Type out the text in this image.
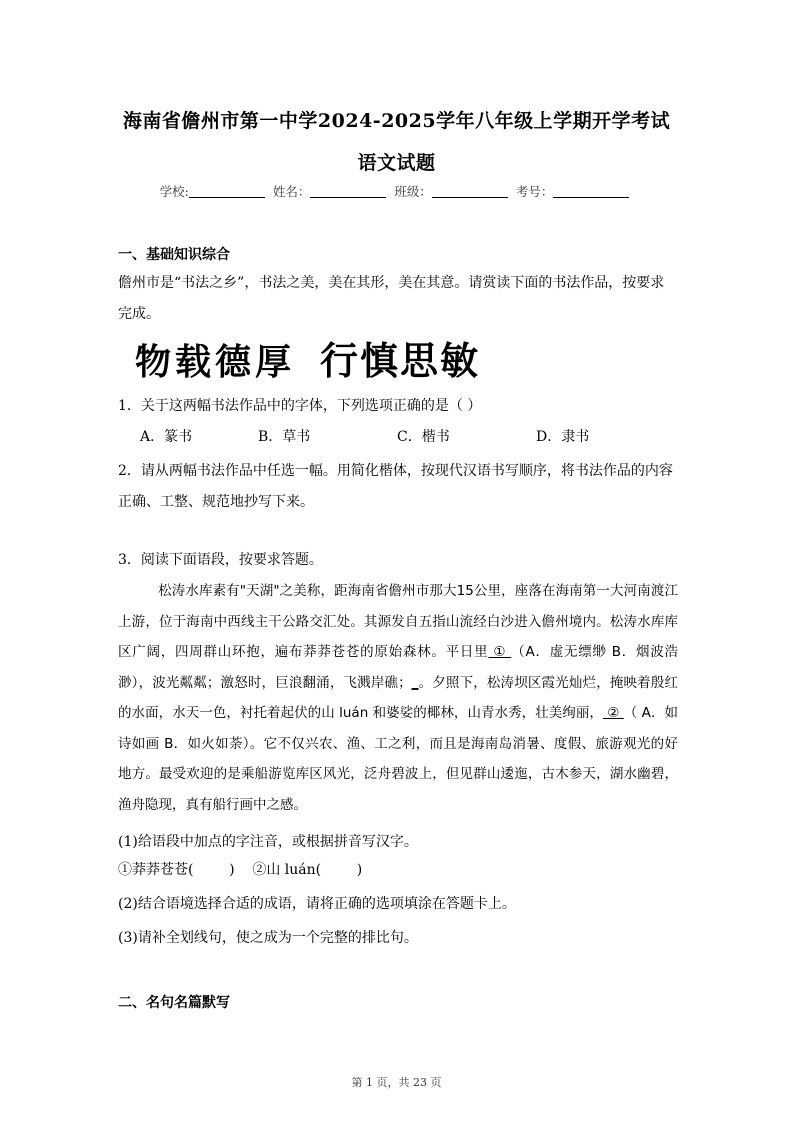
海南省儋州市第一中学2024-2025学年八年级上学期开学考试
语文试题
学校:	姓名：	班级：	考号：
一、基础知识综合
儋州市是“书法之乡”，书法之美，美在其形，美在其意。请赏读下面的书法作品，按要求完成。
物载德厚 行慎思敏
1．关于这两幅书法作品中的字体，下列选项正确的是（ ）
A．篆书	B．草书	C．楷书	D．隶书
2．请从两幅书法作品中任选一幅。用简化楷体，按现代汉语书写顺序，将书法作品的内容正确、工整、规范地抄写下来。
3．阅读下面语段，按要求答题。
松涛水库素有"天湖"之美称，距海南省儋州市那大15公里，座落在海南第一大河南渡江上游，位于海南中西线主干公路交汇处。其源发自五指山流经白沙进入儋州境内。松涛水库库区广阔，四周群山环抱，遍布莽莽苍苍的原始森林。平日里 ① （A．虚无缥缈 B．烟波浩渺），波光粼粼；激怒时，巨浪翻涌，飞溅岸礁；_。夕照下，松涛坝区霞光灿烂，掩映着殷红的水面，水天一色，衬托着起伏的山 luán 和婆娑的椰林，山青水秀，壮美绚丽， ② （ A．如诗如画 B．如火如荼）。它不仅兴农、渔、工之利，而且是海南岛消暑、度假、旅游观光的好地方。最受欢迎的是乘船游览库区风光，泛舟碧波上，但见群山逶迤，古木参天，湖水幽碧，渔舟隐现，真有船行画中之感。
(1)给语段中加点的字注音，或根据拼音写汉字。
①莽莽苍苍(        )    ②山 luán(        )
(2)结合语境选择合适的成语，请将正确的选项填涂在答题卡上。
(3)请补全划线句，使之成为一个完整的排比句。
二、名句名篇默写
第 1 页，共 23 页
